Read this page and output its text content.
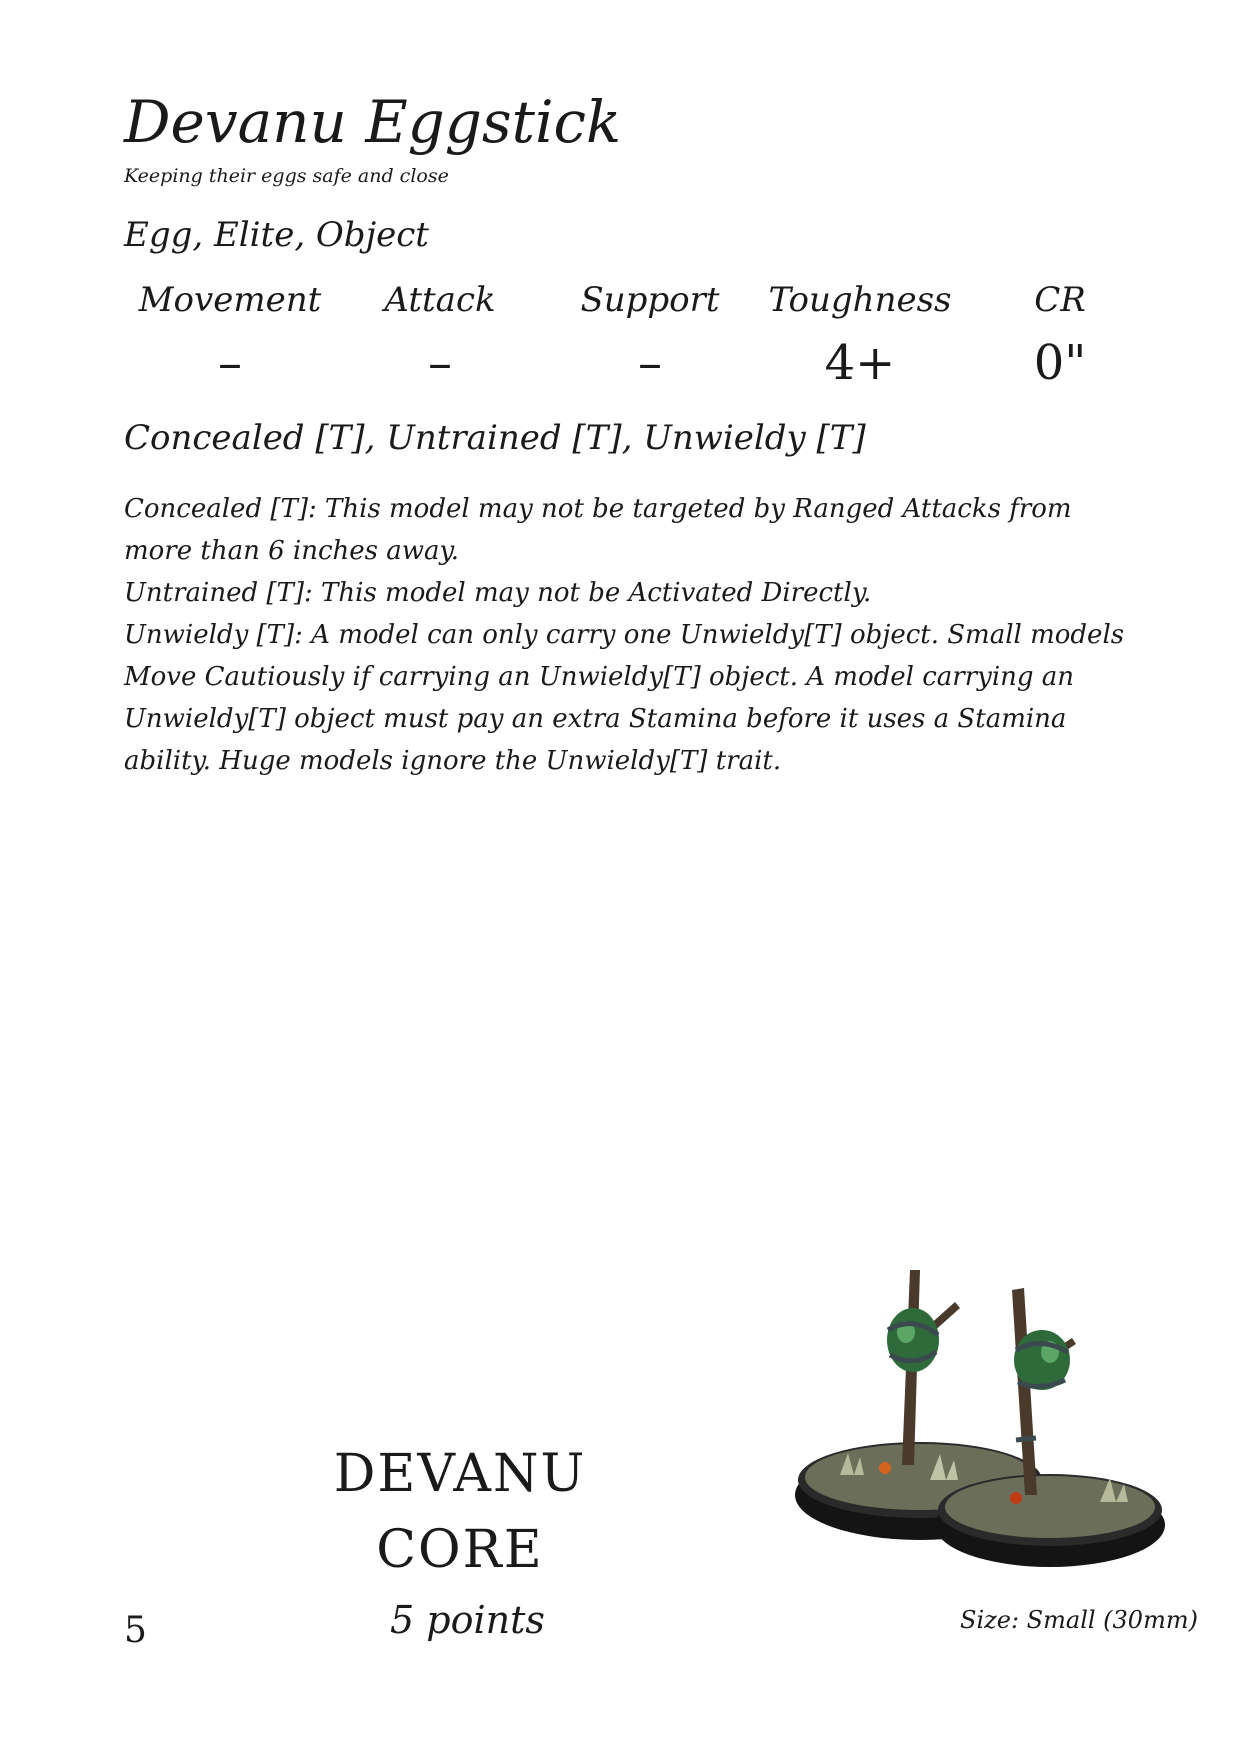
Devanu Eggstick
Keeping their eggs safe and close
Egg, Elite, Object
Movement	Attack	Support	Toughness	CR
–	–	–	4+	0"
Concealed [T], Untrained [T], Unwieldy [T]

Concealed [T]: This model may not be targeted by Ranged Attacks from more than 6 inches away.

Untrained [T]: This model may not be Activated Directly.

Unwieldy [T]: A model can only carry one Unwieldy[T] object. Small models Move Cautiously if carrying an Unwieldy[T] object. A model carrying an Unwieldy[T] object must pay an extra Stamina before it uses a Stamina ability. Huge models ignore the Unwieldy[T] trait.

DEVANU
CORE
5	5 points	Size: Small (30mm)
